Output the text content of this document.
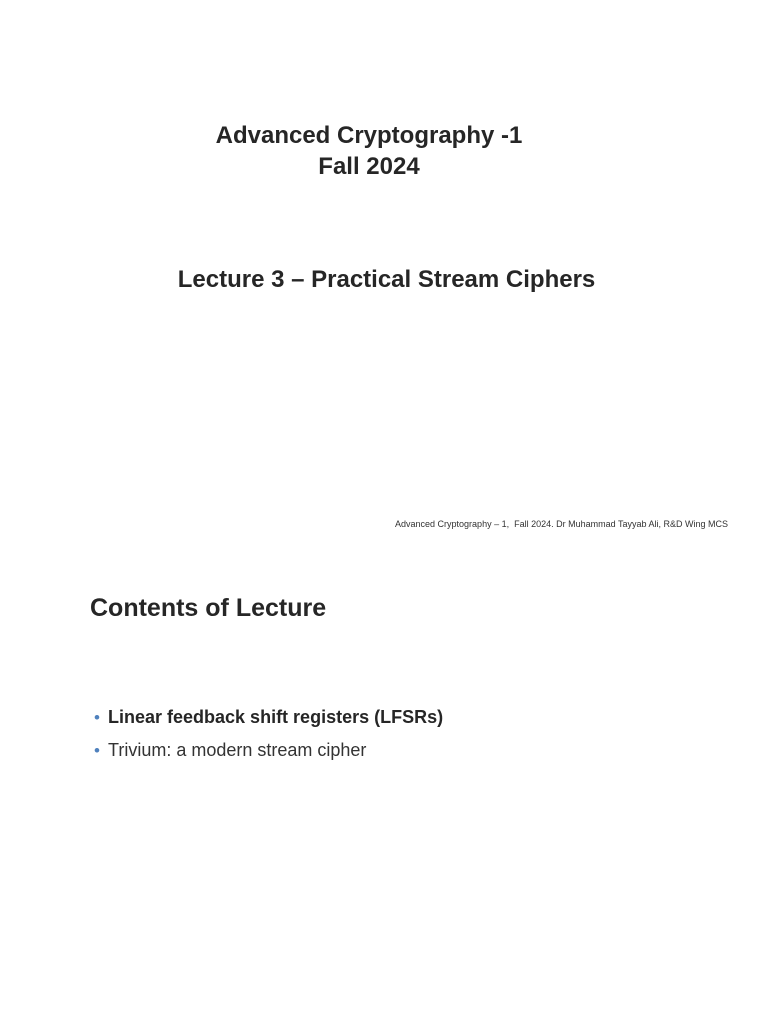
Advanced Cryptography -1
Fall 2024
Lecture 3 – Practical Stream Ciphers
Advanced Cryptography – 1,  Fall 2024. Dr Muhammad Tayyab Ali, R&D Wing MCS
Contents of Lecture
• Linear feedback shift registers (LFSRs)
• Trivium: a modern stream cipher
